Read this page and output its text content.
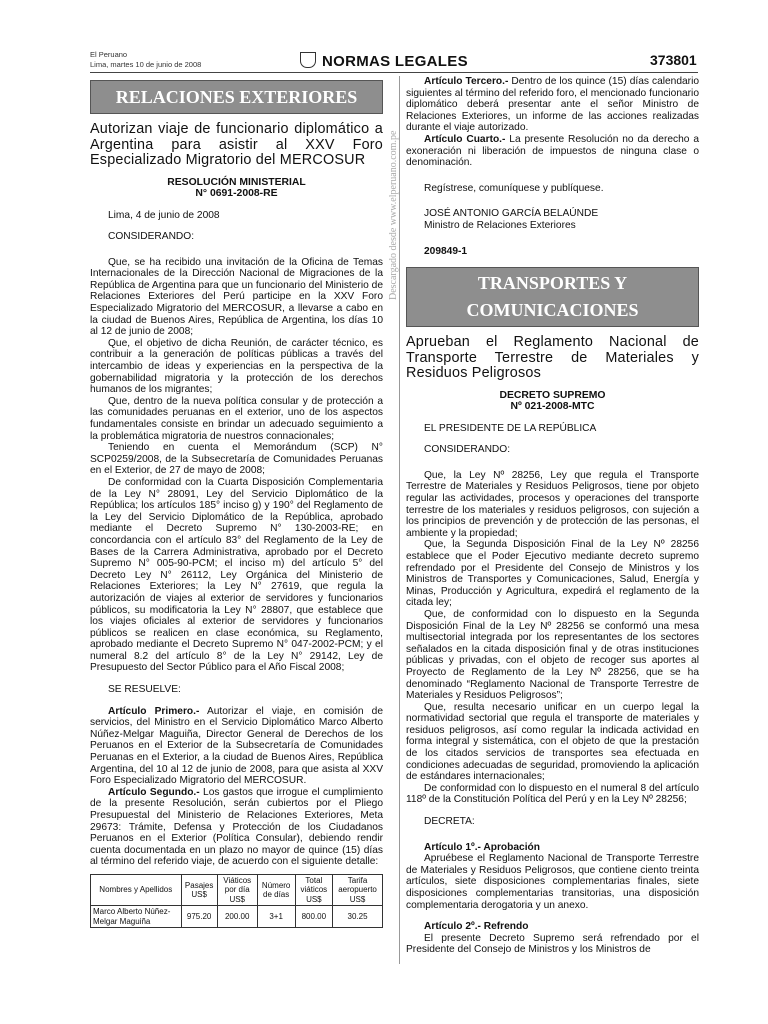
El Peruano
Lima, martes 10 de junio de 2008	NORMAS LEGALES	373801
Descargado desde www.elperuano.com.pe
RELACIONES EXTERIORES
Autorizan viaje de funcionario diplomático a Argentina para asistir al XXV Foro Especializado Migratorio del MERCOSUR
RESOLUCIÓN MINISTERIAL
N° 0691-2008-RE

Lima, 4 de junio de 2008

CONSIDERANDO:

Que, se ha recibido una invitación de la Oficina de Temas Internacionales de la Dirección Nacional de Migraciones de la República de Argentina para que un funcionario del Ministerio de Relaciones Exteriores del Perú participe en la XXV Foro Especializado Migratorio del MERCOSUR, a llevarse a cabo en la ciudad de Buenos Aires, República de Argentina, los días 10 al 12 de junio de 2008;

Que, el objetivo de dicha Reunión, de carácter técnico, es contribuir a la generación de políticas públicas a través del intercambio de ideas y experiencias en la perspectiva de la gobernabilidad migratoria y la protección de los derechos humanos de los migrantes;

Que, dentro de la nueva política consular y de protección a las comunidades peruanas en el exterior, uno de los aspectos fundamentales consiste en brindar un adecuado seguimiento a la problemática migratoria de nuestros connacionales;

Teniendo en cuenta el Memorándum (SCP) N° SCP0259/2008, de la Subsecretaría de Comunidades Peruanas en el Exterior, de 27 de mayo de 2008;

De conformidad con la Cuarta Disposición Complementaria de la Ley N° 28091, Ley del Servicio Diplomático de la República; los artículos 185° inciso g) y 190° del Reglamento de la Ley del Servicio Diplomático de la República, aprobado mediante el Decreto Supremo N° 130-2003-RE; en concordancia con el artículo 83° del Reglamento de la Ley de Bases de la Carrera Administrativa, aprobado por el Decreto Supremo N° 005-90-PCM; el inciso m) del artículo 5° del Decreto Ley N° 26112, Ley Orgánica del Ministerio de Relaciones Exteriores; la Ley N° 27619, que regula la autorización de viajes al exterior de servidores y funcionarios públicos, su modificatoria la Ley N° 28807, que establece que los viajes oficiales al exterior de servidores y funcionarios públicos se realicen en clase económica, su Reglamento, aprobado mediante el Decreto Supremo N° 047-2002-PCM; y el numeral 8.2 del artículo 8° de la Ley N° 29142, Ley de Presupuesto del Sector Público para el Año Fiscal 2008;

SE RESUELVE:

Artículo Primero.- Autorizar el viaje, en comisión de servicios, del Ministro en el Servicio Diplomático Marco Alberto Núñez-Melgar Maguiña, Director General de Derechos de los Peruanos en el Exterior de la Subsecretaría de Comunidades Peruanas en el Exterior, a la ciudad de Buenos Aires, República Argentina, del 10 al 12 de junio de 2008, para que asista al XXV Foro Especializado Migratorio del MERCOSUR.

Artículo Segundo.- Los gastos que irrogue el cumplimiento de la presente Resolución, serán cubiertos por el Pliego Presupuestal del Ministerio de Relaciones Exteriores, Meta 29673: Trámite, Defensa y Protección de los Ciudadanos Peruanos en el Exterior (Política Consular), debiendo rendir cuenta documentada en un plazo no mayor de quince (15) días al término del referido viaje, de acuerdo con el siguiente detalle:

Nombres y Apellidos	Pasajes US$	Viáticos por día US$	Número de días	Total viáticos US$	Tarifa aeropuerto US$
Marco Alberto Núñez-Melgar Maguiña	975.20	200.00	3+1	800.00	30.25

Artículo Tercero.- Dentro de los quince (15) días calendario siguientes al término del referido foro, el mencionado funcionario diplomático deberá presentar ante el señor Ministro de Relaciones Exteriores, un informe de las acciones realizadas durante el viaje autorizado.

Artículo Cuarto.- La presente Resolución no da derecho a exoneración ni liberación de impuestos de ninguna clase o denominación.

Regístrese, comuníquese y publíquese.

JOSÉ ANTONIO GARCÍA BELAÚNDE
Ministro de Relaciones Exteriores

209849-1

TRANSPORTES Y
COMUNICACIONES
Aprueban el Reglamento Nacional de Transporte Terrestre de Materiales y Residuos Peligrosos
DECRETO SUPREMO
Nº 021-2008-MTC

EL PRESIDENTE DE LA REPÚBLICA

CONSIDERANDO:

Que, la Ley Nº 28256, Ley que regula el Transporte Terrestre de Materiales y Residuos Peligrosos, tiene por objeto regular las actividades, procesos y operaciones del transporte terrestre de los materiales y residuos peligrosos, con sujeción a los principios de prevención y de protección de las personas, el ambiente y la propiedad;

Que, la Segunda Disposición Final de la Ley Nº 28256 establece que el Poder Ejecutivo mediante decreto supremo refrendado por el Presidente del Consejo de Ministros y los Ministros de Transportes y Comunicaciones, Salud, Energía y Minas, Producción y Agricultura, expedirá el reglamento de la citada ley;

Que, de conformidad con lo dispuesto en la Segunda Disposición Final de la Ley Nº 28256 se conformó una mesa multisectorial integrada por los representantes de los sectores señalados en la citada disposición final y de otras instituciones públicas y privadas, con el objeto de recoger sus aportes al Proyecto de Reglamento de la Ley Nº 28256, que se ha denominado “Reglamento Nacional de Transporte Terrestre de Materiales y Residuos Peligrosos”;

Que, resulta necesario unificar en un cuerpo legal la normatividad sectorial que regula el transporte de materiales y residuos peligrosos, así como regular la indicada actividad en forma integral y sistemática, con el objeto de que la prestación de los citados servicios de transportes sea efectuada en condiciones adecuadas de seguridad, promoviendo la aplicación de estándares internacionales;

De conformidad con lo dispuesto en el numeral 8 del artículo 118º de la Constitución Política del Perú y en la Ley Nº 28256;

DECRETA:

Artículo 1º.- Aprobación

Apruébese el Reglamento Nacional de Transporte Terrestre de Materiales y Residuos Peligrosos, que contiene ciento treinta artículos, siete disposiciones complementarias finales, siete disposiciones complementarias transitorias, una disposición complementaria derogatoria y un anexo.

Artículo 2º.- Refrendo

El presente Decreto Supremo será refrendado por el Presidente del Consejo de Ministros y los Ministros de
